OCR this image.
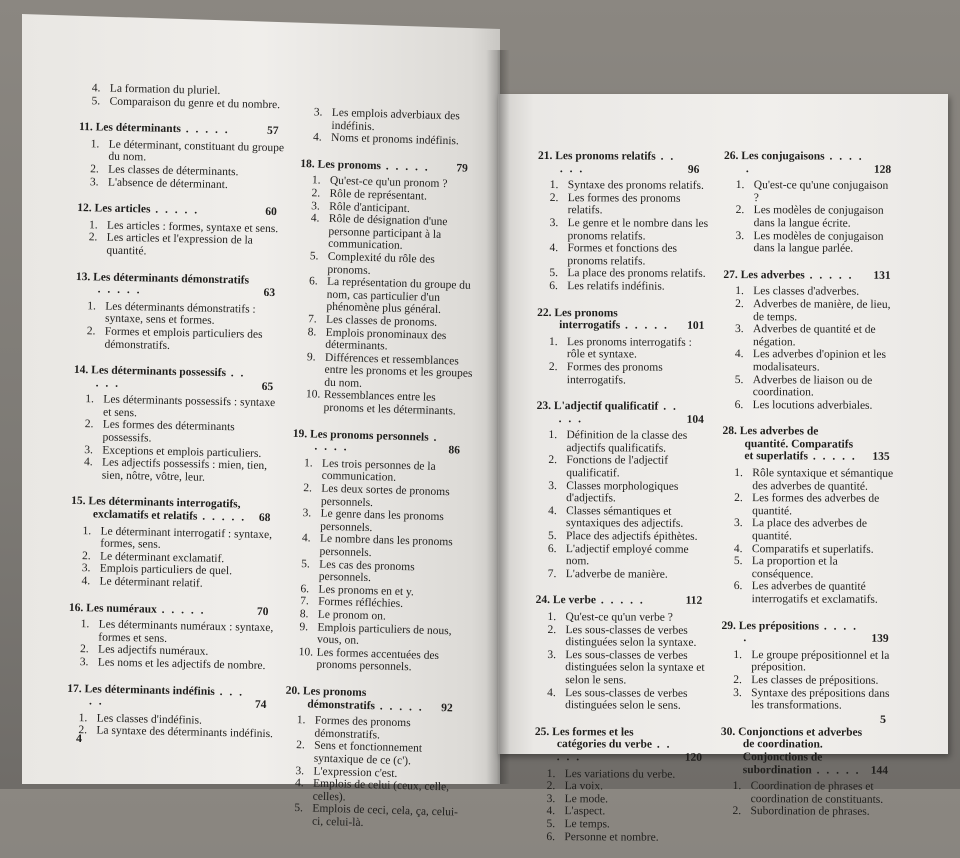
4. La formation du pluriel.
5. Comparaison du genre et du nombre.
11. Les déterminants . . . . .	57
1. Le déterminant, constituant du groupe du nom.
2. Les classes de déterminants.
3. L'absence de déterminant.
12. Les articles . . . . .	60
1. Les articles : formes, syntaxe et sens.
2. Les articles et l'expression de la quantité.
13. Les déterminants démonstratifs . . . . .	63
1. Les déterminants démonstratifs : syntaxe, sens et formes.
2. Formes et emplois particuliers des démonstratifs.
14. Les déterminants possessifs . . . . .	65
1. Les déterminants possessifs : syntaxe et sens.
2. Les formes des déterminants possessifs.
3. Exceptions et emplois particuliers.
4. Les adjectifs possessifs : mien, tien, sien, nôtre, vôtre, leur.
15. Les déterminants interrogatifs, exclamatifs et relatifs . . . . . 68
1. Le déterminant interrogatif : syntaxe, formes, sens.
2. Le déterminant exclamatif.
3. Emplois particuliers de quel.
4. Le déterminant relatif.
16. Les numéraux . . . . .	70
1. Les déterminants numéraux : syntaxe, formes et sens.
2. Les adjectifs numéraux.
3. Les noms et les adjectifs de nombre.
17. Les déterminants indéfinis . . . . .	74
1. Les classes d'indéfinis.
2. La syntaxe des déterminants indéfinis.
3. Les emplois adverbiaux des indéfinis.
4. Noms et pronoms indéfinis.
18. Les pronoms . . . . . 79
1. Qu'est-ce qu'un pronom ?
2. Rôle de représentant.
3. Rôle d'anticipant.
4. Rôle de désignation d'une personne participant à la communication.
5. Complexité du rôle des pronoms.
6. La représentation du groupe du nom, cas particulier d'un phénomène plus général.
7. Les classes de pronoms.
8. Emplois pronominaux des déterminants.
9. Différences et ressemblances entre les pronoms et les groupes du nom.
10. Ressemblances entre les pronoms et les déterminants.
19. Les pronoms personnels . . . . .	86
1. Les trois personnes de la communication.
2. Les deux sortes de pronoms personnels.
3. Le genre dans les pronoms personnels.
4. Le nombre dans les pronoms personnels.
5. Les cas des pronoms personnels.
6. Les pronoms en et y.
7. Formes réfléchies.
8. Le pronom on.
9. Emplois particuliers de nous, vous, on.
10. Les formes accentuées des pronoms personnels.
20. Les pronoms démonstratifs . . . . . 92
1. Formes des pronoms démonstratifs.
2. Sens et fonctionnement syntaxique de ce (c').
3. L'expression c'est.
4. Emplois de celui (ceux, celle, celles).
5. Emplois de ceci, cela, ça, celui-ci, celui-là.
21. Les pronoms relatifs . . . . .	96
1. Syntaxe des pronoms relatifs.
2. Les formes des pronoms relatifs.
3. Le genre et le nombre dans les pronoms relatifs.
4. Formes et fonctions des pronoms relatifs.
5. La place des pronoms relatifs.
6. Les relatifs indéfinis.
22. Les pronoms interrogatifs . . . . . 101
1. Les pronoms interrogatifs : rôle et syntaxe.
2. Formes des pronoms interrogatifs.
23. L'adjectif qualificatif . . . . .	104
1. Définition de la classe des adjectifs qualificatifs.
2. Fonctions de l'adjectif qualificatif.
3. Classes morphologiques d'adjectifs.
4. Classes sémantiques et syntaxiques des adjectifs.
5. Place des adjectifs épithètes.
6. L'adjectif employé comme nom.
7. L'adverbe de manière.
24. Le verbe . . . . .	112
1. Qu'est-ce qu'un verbe ?
2. Les sous-classes de verbes distinguées selon la syntaxe.
3. Les sous-classes de verbes distinguées selon la syntaxe et selon le sens.
4. Les sous-classes de verbes distinguées selon le sens.
25. Les formes et les catégories du verbe . . . . .	120
1. Les variations du verbe.
2. La voix.
3. Le mode.
4. L'aspect.
5. Le temps.
6. Personne et nombre.
26. Les conjugaisons . . . . .	128
1. Qu'est-ce qu'une conjugaison ?
2. Les modèles de conjugaison dans la langue écrite.
3. Les modèles de conjugaison dans la langue parlée.
27. Les adverbes . . . . . 131
1. Les classes d'adverbes.
2. Adverbes de manière, de lieu, de temps.
3. Adverbes de quantité et de négation.
4. Les adverbes d'opinion et les modalisateurs.
5. Adverbes de liaison ou de coordination.
6. Les locutions adverbiales.
28. Les adverbes de quantité. Comparatifs et superlatifs . . . . . 135
1. Rôle syntaxique et sémantique des adverbes de quantité.
2. Les formes des adverbes de quantité.
3. La place des adverbes de quantité.
4. Comparatifs et superlatifs.
5. La proportion et la conséquence.
6. Les adverbes de quantité interrogatifs et exclamatifs.
29. Les prépositions . . . . .	139
1. Le groupe prépositionnel et la préposition.
2. Les classes de prépositions.
3. Syntaxe des prépositions dans les transformations.
30. Conjonctions et adverbes de coordination. Conjonctions de subordination . . . . . 144
1. Coordination de phrases et coordination de constituants.
2. Subordination de phrases.
4
5
